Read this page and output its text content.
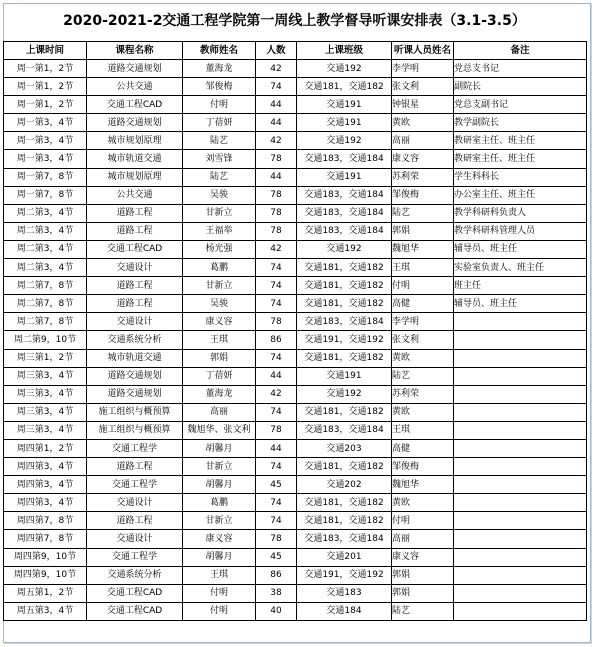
2020-2021-2交通工程学院第一周线上教学督导听课安排表（3.1-3.5）
上课时间	课程名称	教师姓名	人数	上课班级	听课人员姓名	备注
周一第1，2节	道路交通规划	董海龙	42	交通192	李学明	党总支书记
周一第1，2节	公共交通	邹俊梅	74	交通181，交通182	张文利	副院长
周一第1，2节	交通工程CAD	付明	44	交通191	钟银星	党总支副书记
周一第3，4节	道路交通规划	丁蓓妍	44	交通191	黄欧	教学副院长
周一第3，4节	城市规划原理	陆艺	42	交通192	高丽	教研室主任、班主任
周一第3，4节	城市轨道交通	刘雪锋	78	交通183，交通184	康义容	教研室主任、班主任
周一第7，8节	城市规划原理	陆艺	44	交通191	苏利荣	学生科科长
周一第7，8节	公共交通	吴骏	78	交通183，交通184	邹俊梅	办公室主任、班主任
周二第3，4节	道路工程	甘新立	78	交通183，交通184	陆艺	教学科研科负责人
周二第3，4节	道路工程	王福举	78	交通183，交通184	郭娟	教学科研科管理人员
周二第3，4节	交通工程CAD	杨光强	42	交通192	魏旭华	辅导员、班主任
周二第3，4节	交通设计	葛鹏	74	交通181，交通182	王琪	实验室负责人、班主任
周二第7，8节	道路工程	甘新立	74	交通181，交通182	付明	班主任
周二第7，8节	道路工程	吴骏	74	交通181，交通182	高健	辅导员、班主任
周二第7，8节	交通设计	康义容	78	交通183，交通184	李学明	
周二第9，10节	交通系统分析	王琪	86	交通191，交通192	张文利	
周三第1，2节	城市轨道交通	郭娟	74	交通181，交通182	黄欧	
周三第3，4节	道路交通规划	丁蓓妍	44	交通191	陆艺	
周三第3，4节	道路交通规划	董海龙	42	交通192	苏利荣	
周三第3，4节	施工组织与概预算	高丽	74	交通181，交通182	黄欧	
周三第3，4节	施工组织与概预算	魏旭华、张文利	78	交通183，交通184	王琪	
周四第1，2节	交通工程学	胡馨月	44	交通203	高健	
周四第3，4节	道路工程	甘新立	74	交通181，交通182	邹俊梅	
周四第3，4节	交通工程学	胡馨月	45	交通202	魏旭华	
周四第3，4节	交通设计	葛鹏	74	交通181，交通182	黄欧	
周四第7，8节	道路工程	甘新立	74	交通181，交通182	付明	
周四第7，8节	交通设计	康义容	78	交通183，交通184	高丽	
周四第9，10节	交通工程学	胡馨月	45	交通201	康义容	
周四第9，10节	交通系统分析	王琪	86	交通191，交通192	郭娟	
周五第1，2节	交通工程CAD	付明	38	交通183	郭娟	
周五第3，4节	交通工程CAD	付明	40	交通184	陆艺	
